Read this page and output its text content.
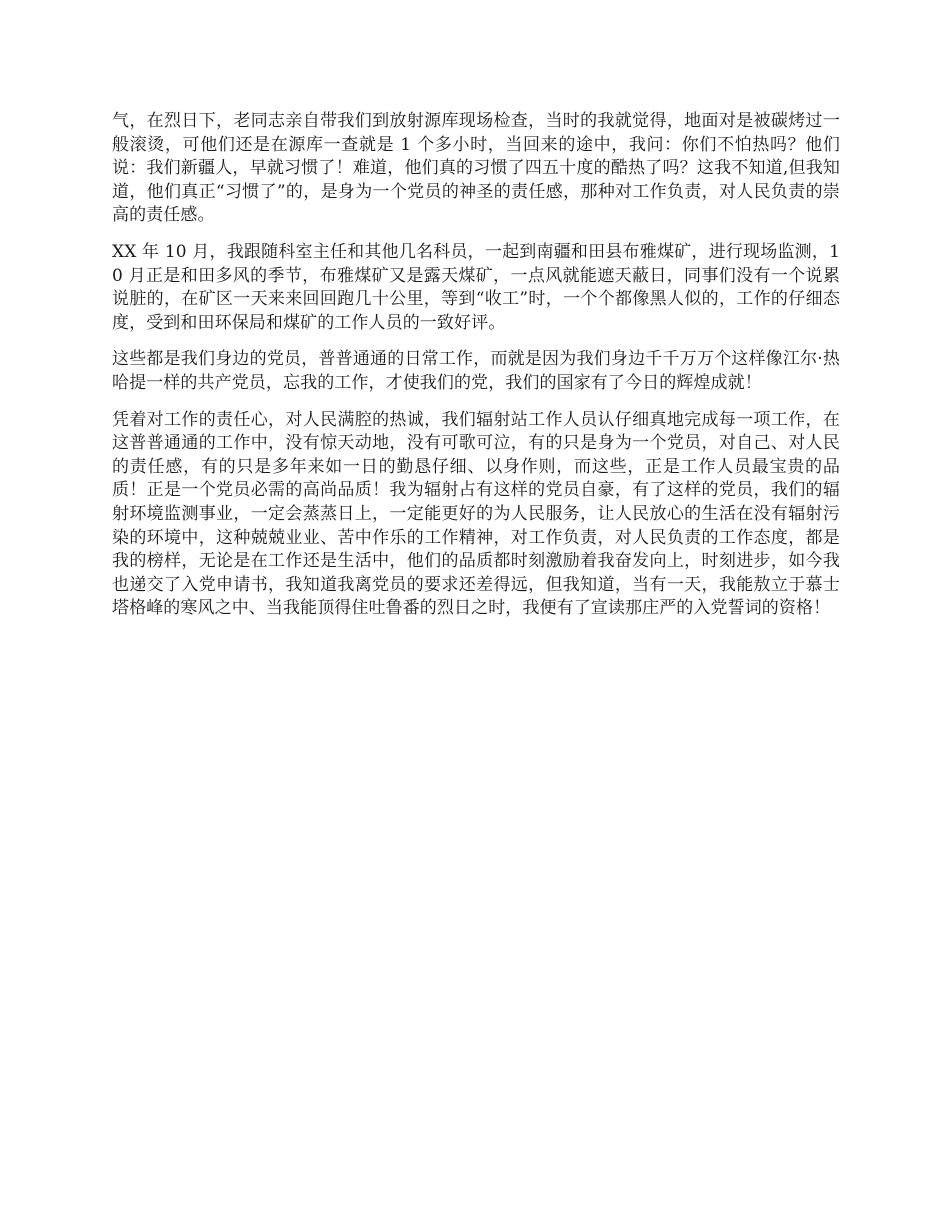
气，在烈日下，老同志亲自带我们到放射源库现场检查，当时的我就觉得，地面对是被碳烤过一般滚烫，可他们还是在源库一查就是 1 个多小时，当回来的途中，我问：你们不怕热吗？他们说：我们新疆人，早就习惯了！难道，他们真的习惯了四五十度的酷热了吗？这我不知道,但我知道，他们真正“习惯了”的，是身为一个党员的神圣的责任感，那种对工作负责，对人民负责的崇高的责任感。

XX 年 10 月，我跟随科室主任和其他几名科员，一起到南疆和田县布雅煤矿，进行现场监测，10 月正是和田多风的季节，布雅煤矿又是露天煤矿，一点风就能遮天蔽日，同事们没有一个说累说脏的，在矿区一天来来回回跑几十公里，等到“收工”时，一个个都像黑人似的，工作的仔细态度，受到和田环保局和煤矿的工作人员的一致好评。

这些都是我们身边的党员，普普通通的日常工作，而就是因为我们身边千千万万个这样像江尔·热哈提一样的共产党员，忘我的工作，才使我们的党，我们的国家有了今日的辉煌成就！

凭着对工作的责任心，对人民满腔的热诚，我们辐射站工作人员认仔细真地完成每一项工作，在这普普通通的工作中，没有惊天动地，没有可歌可泣，有的只是身为一个党员，对自己、对人民的责任感，有的只是多年来如一日的勤恳仔细、以身作则，而这些，正是工作人员最宝贵的品质！正是一个党员必需的高尚品质！我为辐射占有这样的党员自豪，有了这样的党员，我们的辐射环境监测事业，一定会蒸蒸日上，一定能更好的为人民服务，让人民放心的生活在没有辐射污染的环境中，这种兢兢业业、苦中作乐的工作精神，对工作负责，对人民负责的工作态度，都是我的榜样，无论是在工作还是生活中，他们的品质都时刻激励着我奋发向上，时刻进步，如今我也递交了入党申请书，我知道我离党员的要求还差得远，但我知道，当有一天，我能敖立于慕士塔格峰的寒风之中、当我能顶得住吐鲁番的烈日之时，我便有了宣读那庄严的入党誓词的资格！
